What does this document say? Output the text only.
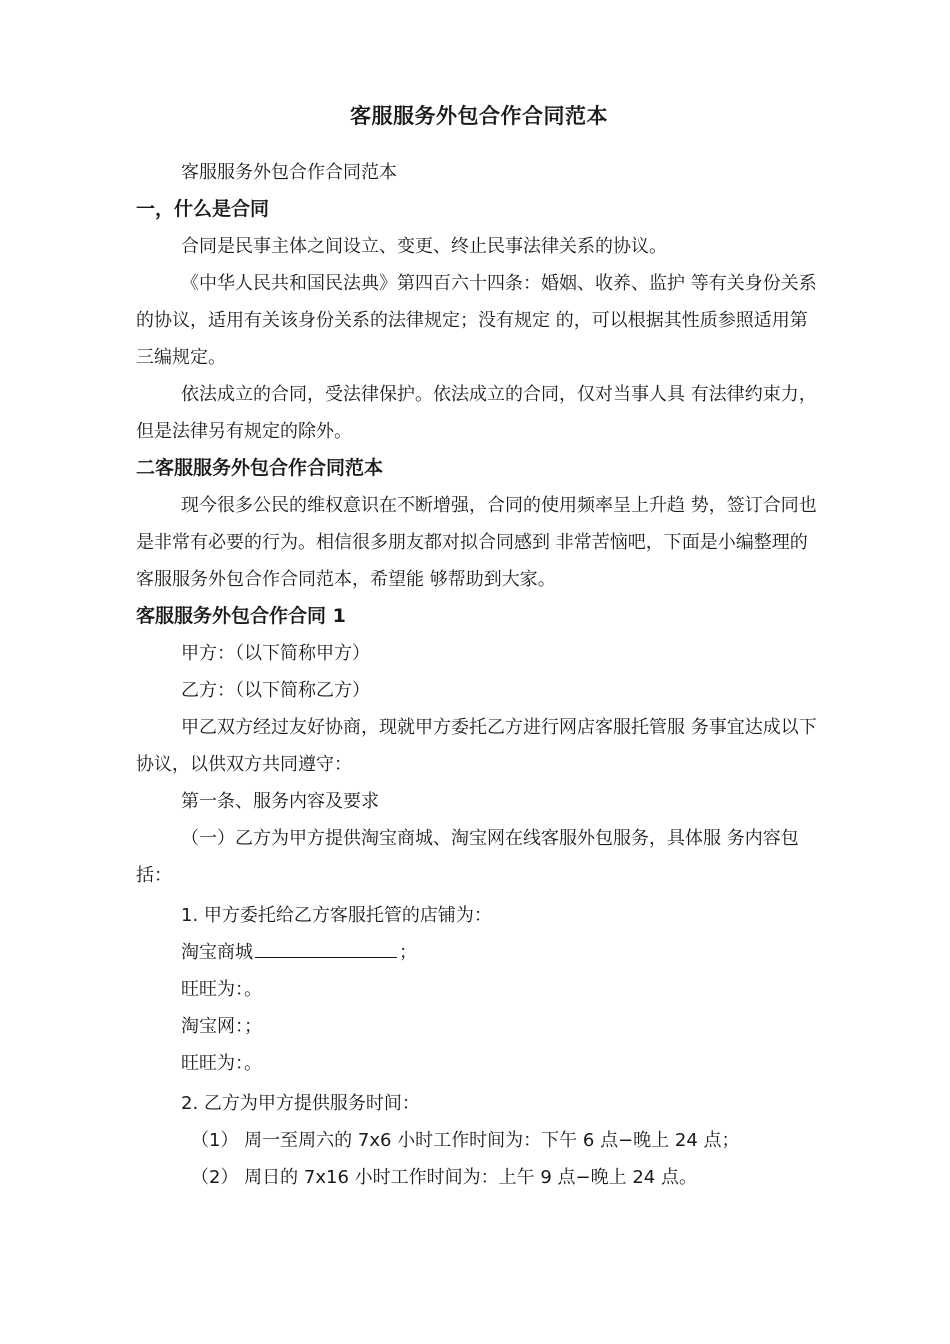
客服服务外包合作合同范本

客服服务外包合作合同范本

一，什么是合同

合同是民事主体之间设立、变更、终止民事法律关系的协议。

《中华人民共和国民法典》第四百六十四条：婚姻、收养、监护 等有关身份关系的协议，适用有关该身份关系的法律规定；没有规定 的，可以根据其性质参照适用第三编规定。

依法成立的合同，受法律保护。依法成立的合同，仅对当事人具 有法律约束力，但是法律另有规定的除外。

二客服服务外包合作合同范本

现今很多公民的维权意识在不断增强，合同的使用频率呈上升趋 势，签订合同也是非常有必要的行为。相信很多朋友都对拟合同感到 非常苦恼吧，下面是小编整理的客服服务外包合作合同范本，希望能 够帮助到大家。

客服服务外包合作合同 1

甲方：（以下简称甲方）

乙方：（以下简称乙方）

甲乙双方经过友好协商，现就甲方委托乙方进行网店客服托管服 务事宜达成以下协议，以供双方共同遵守：

第一条、服务内容及要求

（一）乙方为甲方提供淘宝商城、淘宝网在线客服外包服务，具体服 务内容包括：

1. 甲方委托给乙方客服托管的店铺为：

淘宝商城	；

旺旺为：。

淘宝网：；

旺旺为：。

2. 乙方为甲方提供服务时间：

（1） 周一至周六的 7x6 小时工作时间为：下午 6 点−晚上 24 点；

（2） 周日的 7x16 小时工作时间为：上午 9 点−晚上 24 点。
